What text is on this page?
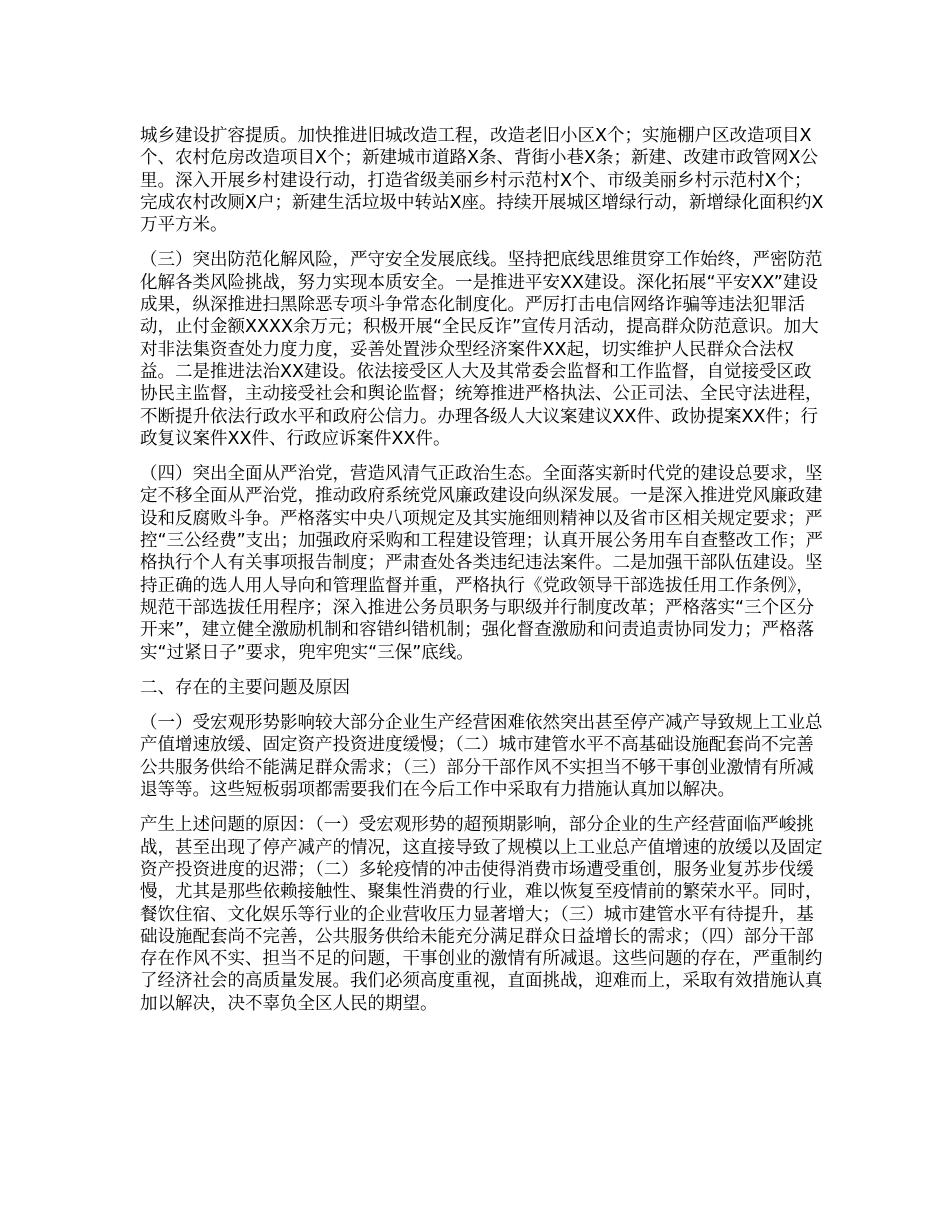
城乡建设扩容提质。加快推进旧城改造工程，改造老旧小区X个；实施棚户区改造项目X个、农村危房改造项目X个；新建城市道路X条、背街小巷X条；新建、改建市政管网X公里。深入开展乡村建设行动，打造省级美丽乡村示范村X个、市级美丽乡村示范村X个；完成农村改厕X户；新建生活垃圾中转站X座。持续开展城区增绿行动，新增绿化面积约X万平方米。

（三）突出防范化解风险，严守安全发展底线。坚持把底线思维贯穿工作始终，严密防范化解各类风险挑战，努力实现本质安全。一是推进平安XX建设。深化拓展“平安XX”建设成果，纵深推进扫黑除恶专项斗争常态化制度化。严厉打击电信网络诈骗等违法犯罪活动，止付金额XXXX余万元；积极开展“全民反诈”宣传月活动，提高群众防范意识。加大对非法集资查处力度力度，妥善处置涉众型经济案件XX起，切实维护人民群众合法权益。二是推进法治XX建设。依法接受区人大及其常委会监督和工作监督，自觉接受区政协民主监督，主动接受社会和舆论监督；统筹推进严格执法、公正司法、全民守法进程，不断提升依法行政水平和政府公信力。办理各级人大议案建议XX件、政协提案XX件；行政复议案件XX件、行政应诉案件XX件。

（四）突出全面从严治党，营造风清气正政治生态。全面落实新时代党的建设总要求，坚定不移全面从严治党，推动政府系统党风廉政建设向纵深发展。一是深入推进党风廉政建设和反腐败斗争。严格落实中央八项规定及其实施细则精神以及省市区相关规定要求；严控“三公经费”支出；加强政府采购和工程建设管理；认真开展公务用车自查整改工作；严格执行个人有关事项报告制度；严肃查处各类违纪违法案件。二是加强干部队伍建设。坚持正确的选人用人导向和管理监督并重，严格执行《党政领导干部选拔任用工作条例》，规范干部选拔任用程序；深入推进公务员职务与职级并行制度改革；严格落实“三个区分开来”，建立健全激励机制和容错纠错机制；强化督查激励和问责追责协同发力；严格落实“过紧日子”要求，兜牢兜实“三保”底线。

二、存在的主要问题及原因

（一）受宏观形势影响较大部分企业生产经营困难依然突出甚至停产减产导致规上工业总产值增速放缓、固定资产投资进度缓慢；（二）城市建管水平不高基础设施配套尚不完善公共服务供给不能满足群众需求；（三）部分干部作风不实担当不够干事创业激情有所减退等等。这些短板弱项都需要我们在今后工作中采取有力措施认真加以解决。

产生上述问题的原因：（一）受宏观形势的超预期影响，部分企业的生产经营面临严峻挑战，甚至出现了停产减产的情况，这直接导致了规模以上工业总产值增速的放缓以及固定资产投资进度的迟滞；（二）多轮疫情的冲击使得消费市场遭受重创，服务业复苏步伐缓慢，尤其是那些依赖接触性、聚集性消费的行业，难以恢复至疫情前的繁荣水平。同时，餐饮住宿、文化娱乐等行业的企业营收压力显著增大；（三）城市建管水平有待提升，基础设施配套尚不完善，公共服务供给未能充分满足群众日益增长的需求；（四）部分干部存在作风不实、担当不足的问题，干事创业的激情有所减退。这些问题的存在，严重制约了经济社会的高质量发展。我们必须高度重视，直面挑战，迎难而上，采取有效措施认真加以解决，决不辜负全区人民的期望。
